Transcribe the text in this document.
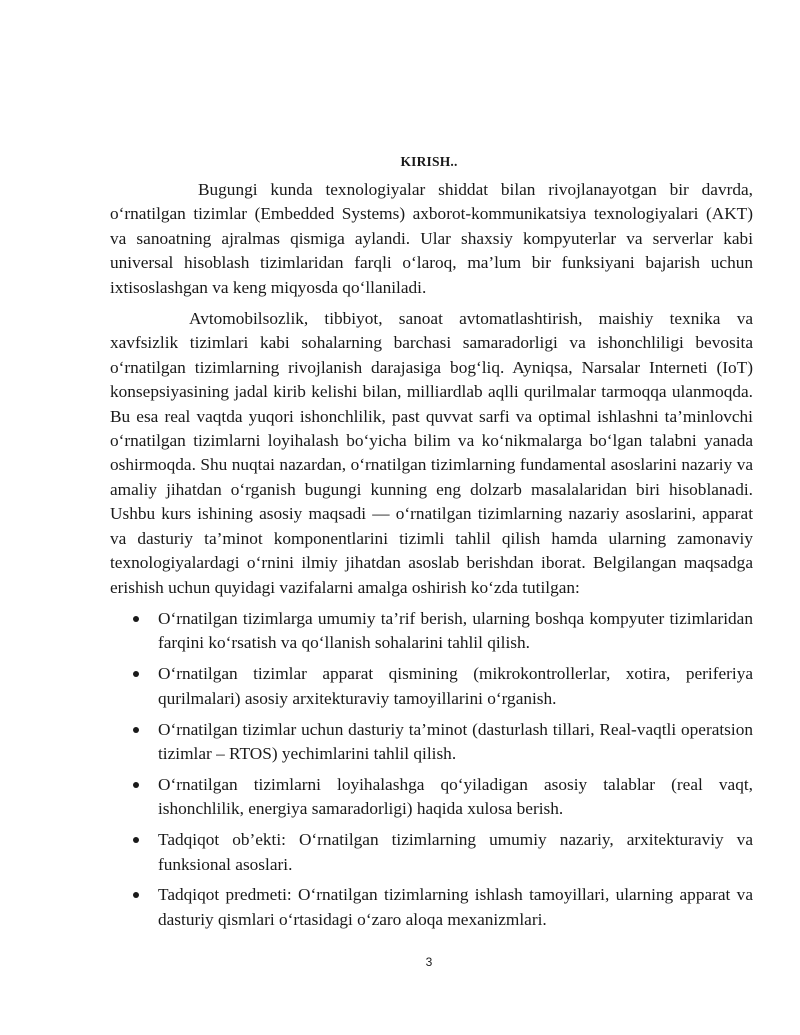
KIRISH..

Bugungi kunda texnologiyalar shiddat bilan rivojlanayotgan bir davrda, o‘rnatilgan tizimlar (Embedded Systems) axborot-kommunikatsiya texnologiyalari (AKT) va sanoatning ajralmas qismiga aylandi. Ular shaxsiy kompyuterlar va serverlar kabi universal hisoblash tizimlaridan farqli o‘laroq, ma’lum bir funksiyani bajarish uchun ixtisoslashgan va keng miqyosda qo‘llaniladi.

Avtomobilsozlik, tibbiyot, sanoat avtomatlashtirish, maishiy texnika va xavfsizlik tizimlari kabi sohalarning barchasi samaradorligi va ishonchliligi bevosita o‘rnatilgan tizimlarning rivojlanish darajasiga bog‘liq. Ayniqsa, Narsalar Interneti (IoT) konsepsiyasining jadal kirib kelishi bilan, milliardlab aqlli qurilmalar tarmoqqa ulanmoqda. Bu esa real vaqtda yuqori ishonchlilik, past quvvat sarfi va optimal ishlashni ta’minlovchi o‘rnatilgan tizimlarni loyihalash bo‘yicha bilim va ko‘nikmalarga bo‘lgan talabni yanada oshirmoqda. Shu nuqtai nazardan, o‘rnatilgan tizimlarning fundamental asoslarini nazariy va amaliy jihatdan o‘rganish bugungi kunning eng dolzarb masalalaridan biri hisoblanadi. Ushbu kurs ishining asosiy maqsadi — o‘rnatilgan tizimlarning nazariy asoslarini, apparat va dasturiy ta’minot komponentlarini tizimli tahlil qilish hamda ularning zamonaviy texnologiyalardagi o‘rnini ilmiy jihatdan asoslab berishdan iborat. Belgilangan maqsadga erishish uchun quyidagi vazifalarni amalga oshirish ko‘zda tutilgan:

O‘rnatilgan tizimlarga umumiy ta’rif berish, ularning boshqa kompyuter tizimlaridan farqini ko‘rsatish va qo‘llanish sohalarini tahlil qilish.
O‘rnatilgan tizimlar apparat qismining (mikrokontrollerlar, xotira, periferiya qurilmalari) asosiy arxitekturaviy tamoyillarini o‘rganish.
O‘rnatilgan tizimlar uchun dasturiy ta’minot (dasturlash tillari, Real-vaqtli operatsion tizimlar – RTOS) yechimlarini tahlil qilish.
O‘rnatilgan tizimlarni loyihalashga qo‘yiladigan asosiy talablar (real vaqt, ishonchlilik, energiya samaradorligi) haqida xulosa berish.
Tadqiqot ob’ekti: O‘rnatilgan tizimlarning umumiy nazariy, arxitekturaviy va funksional asoslari.
Tadqiqot predmeti: O‘rnatilgan tizimlarning ishlash tamoyillari, ularning apparat va dasturiy qismlari o‘rtasidagi o‘zaro aloqa mexanizmlari.
3
